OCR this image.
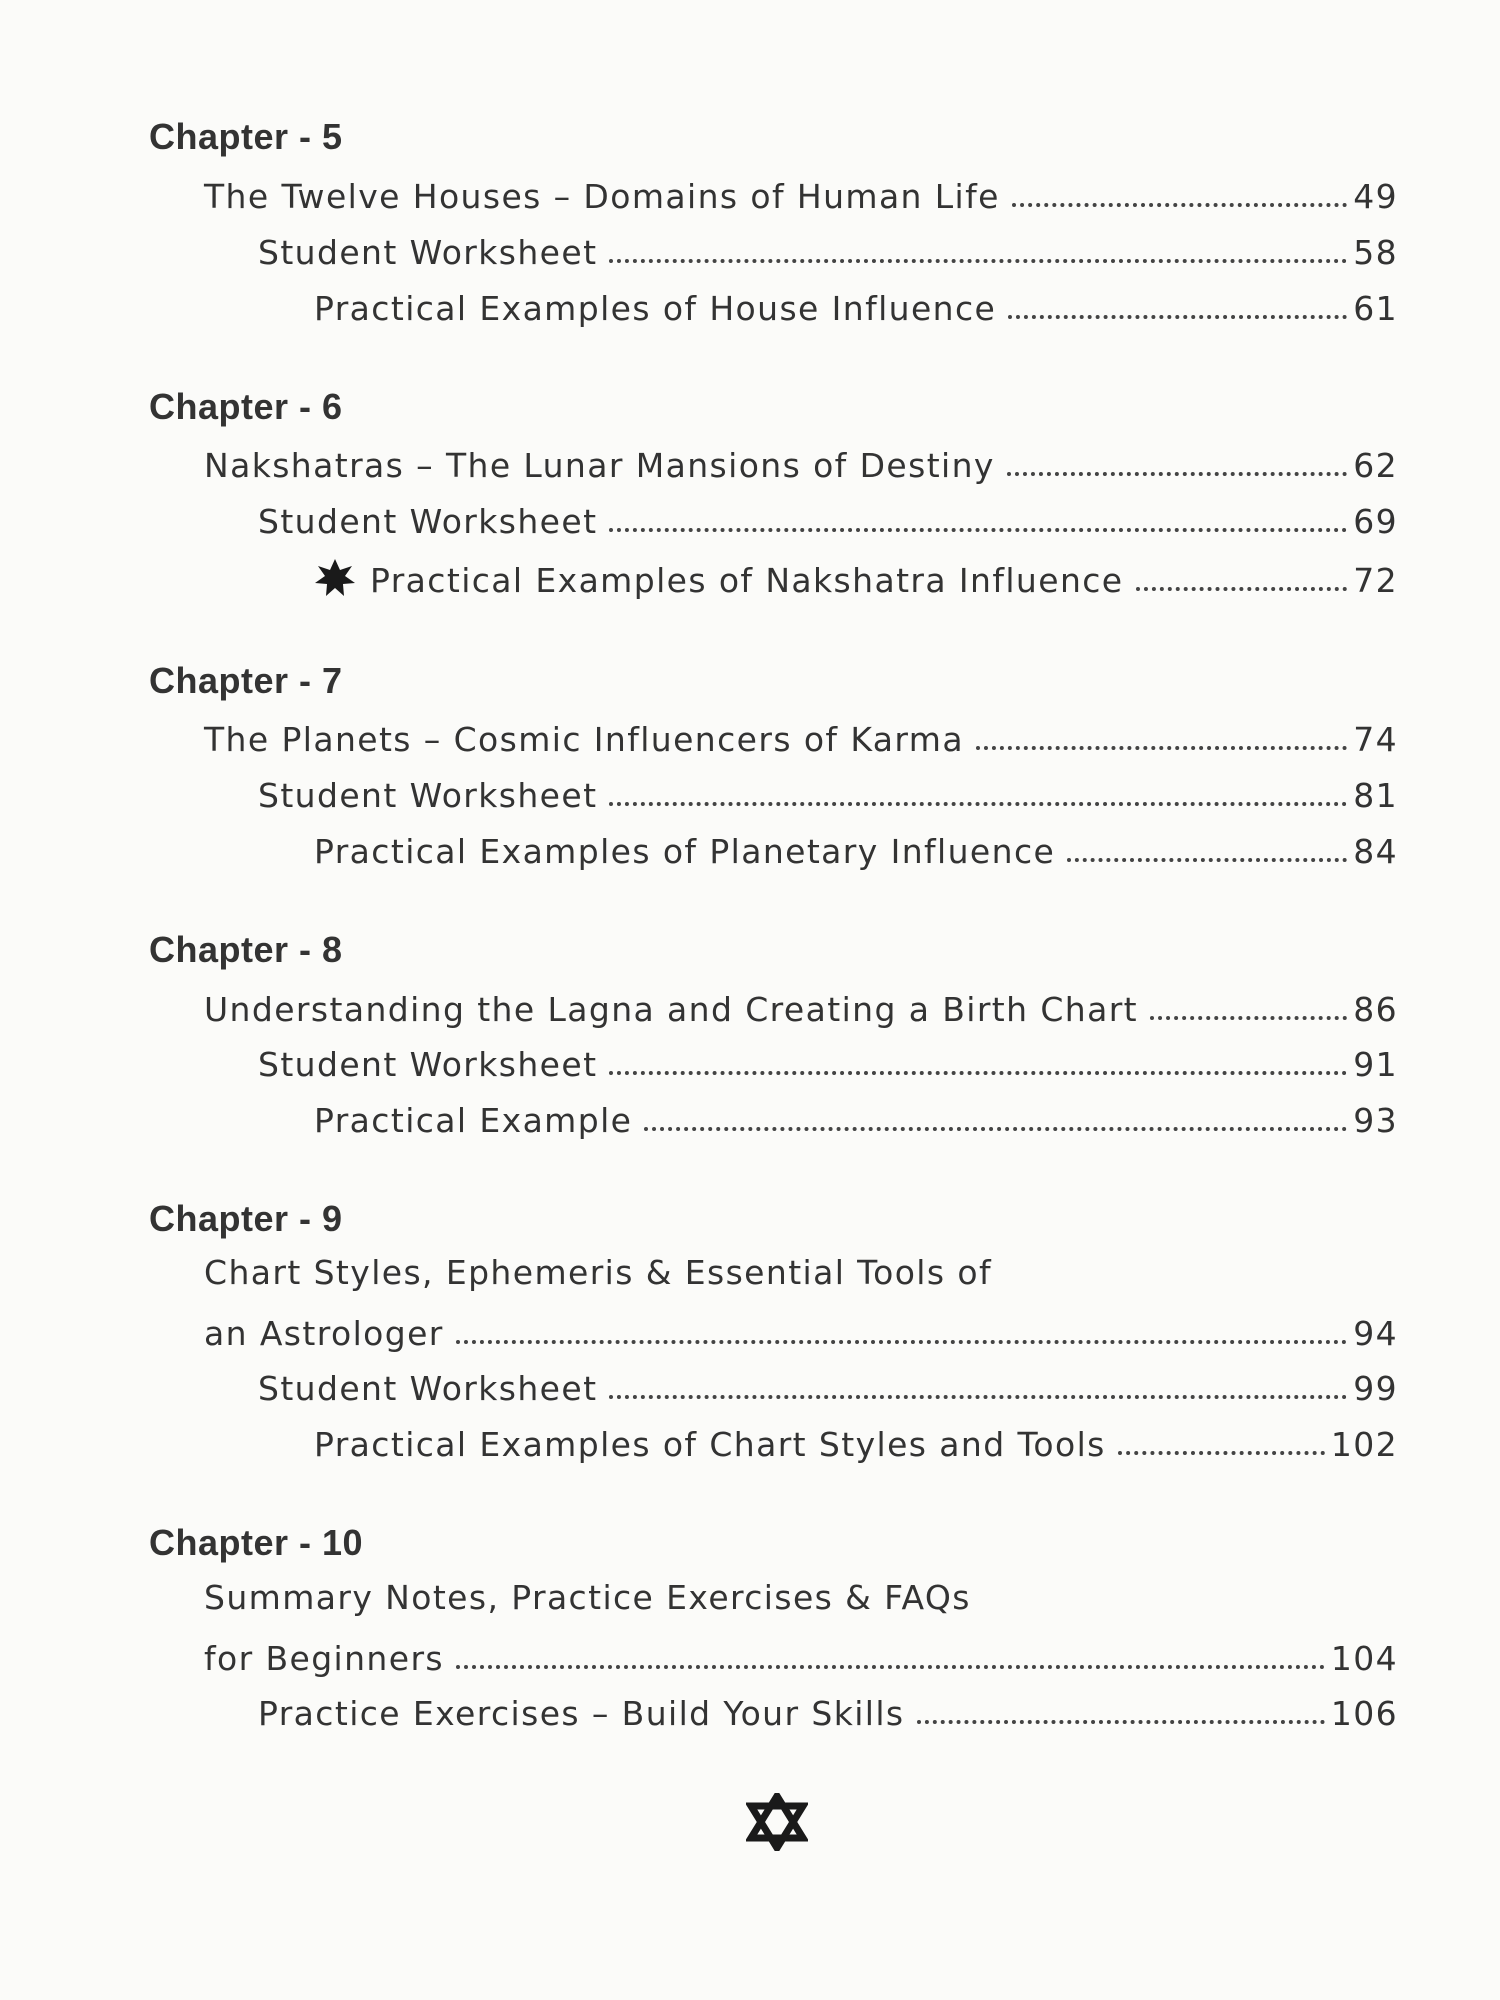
Chapter - 5
The Twelve Houses – Domains of Human Life	49
Student Worksheet	58
Practical Examples of House Influence	61
Chapter - 6
Nakshatras – The Lunar Mansions of Destiny	62
Student Worksheet	69
Practical Examples of Nakshatra Influence	72
Chapter - 7
The Planets – Cosmic Influencers of Karma	74
Student Worksheet	81
Practical Examples of Planetary Influence	84
Chapter - 8
Understanding the Lagna and Creating a Birth Chart	86
Student Worksheet	91
Practical Example	93
Chapter - 9
Chart Styles, Ephemeris & Essential Tools of
an Astrologer	94
Student Worksheet	99
Practical Examples of Chart Styles and Tools	102
Chapter - 10
Summary Notes, Practice Exercises & FAQs
for Beginners	104
Practice Exercises – Build Your Skills	106
